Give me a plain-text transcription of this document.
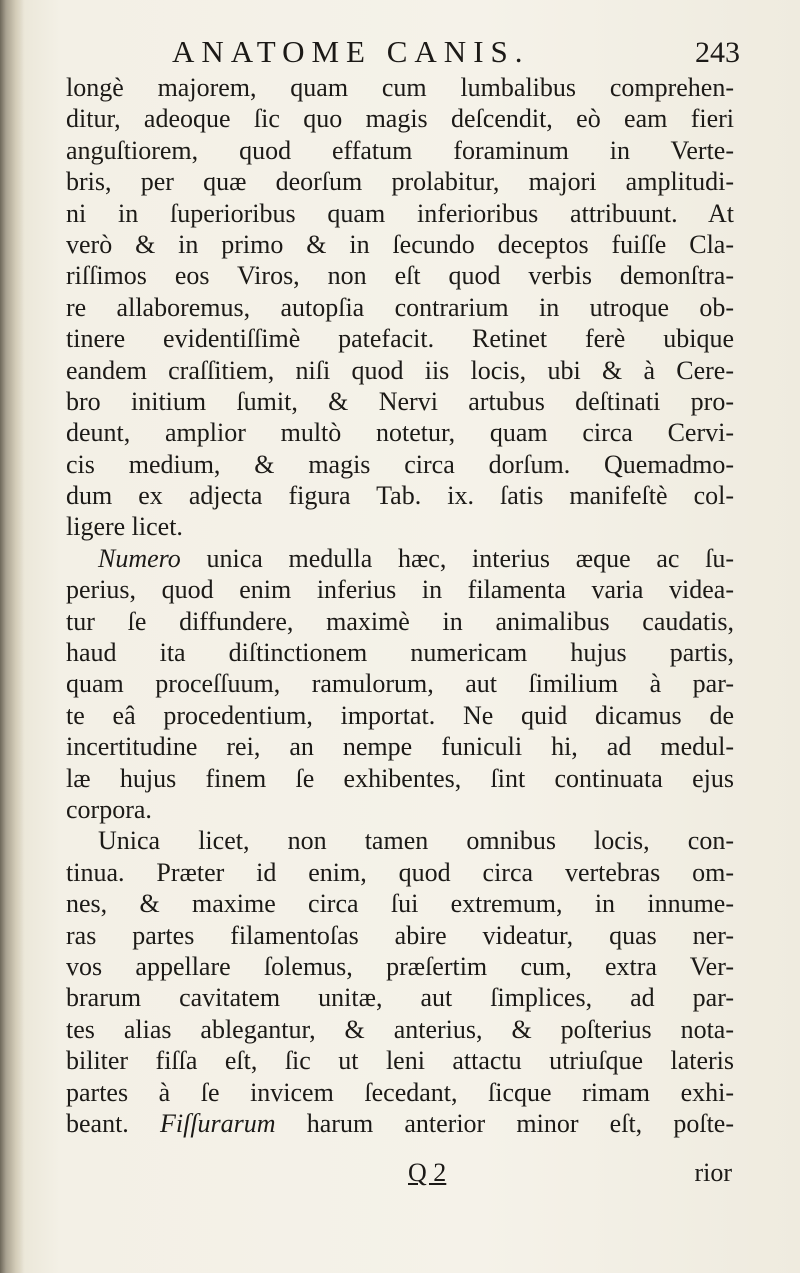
ANATOME CANIS.	243
longè majorem, quam cum lumbalibus comprehen-
ditur, adeoque ſic quo magis deſcendit, eò eam fieri
anguſtiorem, quod effatum foraminum in Verte-
bris, per quæ deorſum prolabitur, majori amplitudi-
ni in ſuperioribus quam inferioribus attribuunt. At
verò & in primo & in ſecundo deceptos fuiſſe Cla-
riſſimos eos Viros, non eſt quod verbis demonſtra-
re allaboremus, autopſia contrarium in utroque ob-
tinere evidentiſſimè patefacit. Retinet ferè ubique
eandem craſſitiem, niſi quod iis locis, ubi & à Cere-
bro initium ſumit, & Nervi artubus deſtinati pro-
deunt, amplior multò notetur, quam circa Cervi-
cis medium, & magis circa dorſum. Quemadmo-
dum ex adjecta figura Tab. ix. ſatis manifeſtè col-
ligere licet.
Numero unica medulla hæc, interius æque ac ſu-
perius, quod enim inferius in filamenta varia videa-
tur ſe diffundere, maximè in animalibus caudatis,
haud ita diſtinctionem numericam hujus partis,
quam proceſſuum, ramulorum, aut ſimilium à par-
te eâ procedentium, importat. Ne quid dicamus de
incertitudine rei, an nempe funiculi hi, ad medul-
læ hujus finem ſe exhibentes, ſint continuata ejus
corpora.
Unica licet, non tamen omnibus locis, con-
tinua. Præter id enim, quod circa vertebras om-
nes, & maxime circa ſui extremum, in innume-
ras partes filamentoſas abire videatur, quas ner-
vos appellare ſolemus, præſertim cum, extra Ver-
brarum cavitatem unitæ, aut ſimplices, ad par-
tes alias ablegantur, & anterius, & poſterius nota-
biliter fiſſa eſt, ſic ut leni attactu utriuſque lateris
partes à ſe invicem ſecedant, ſicque rimam exhi-
beant. Fiſſurarum harum anterior minor eſt, poſte-
Q 2	rior
